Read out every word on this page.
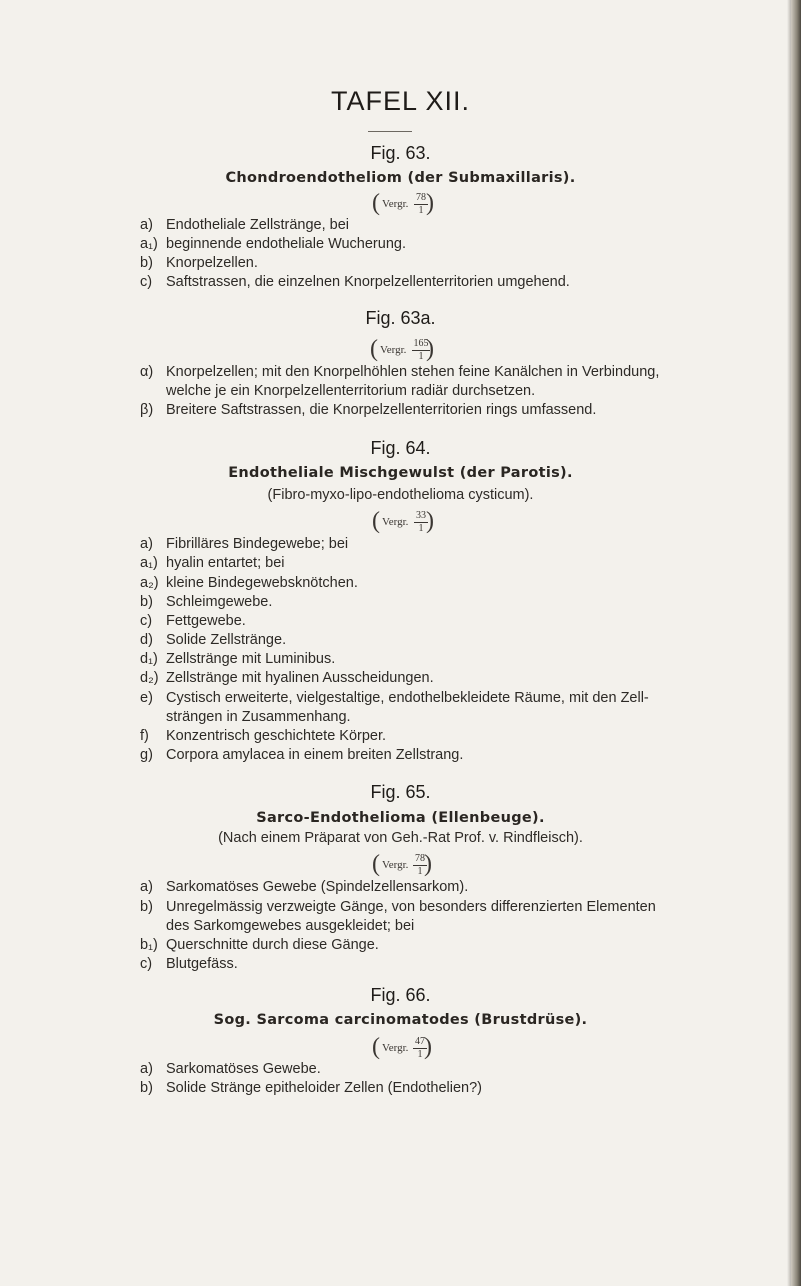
TAFEL XII.
Fig. 63.
Chondroendotheliom (der Submaxillaris).
( Vergr. $\frac{78}{1}$
)
a) Endotheliale Zellstränge, bei
a₁) beginnende endotheliale Wucherung.
b) Knorpelzellen.
c) Saftstrassen, die einzelnen Knorpelzellenterritorien umgehend.
Fig. 63a.
( Vergr. $\frac{165}{1}$
)
α) Knorpelzellen; mit den Knorpelhöhlen stehen feine Kanälchen in Verbindung,
welche je ein Knorpelzellenterritorium radiär durchsetzen.
β) Breitere Saftstrassen, die Knorpelzellenterritorien rings umfassend.
Fig. 64.
Endotheliale Mischgewulst (der Parotis).
(Fibro-myxo-lipo-endothelioma cysticum).
( Vergr. $\frac{33}{1}$
)
a) Fibrilläres Bindegewebe; bei
a₁) hyalin entartet; bei
a₂) kleine Bindegewebsknötchen.
b) Schleimgewebe.
c) Fettgewebe.
d) Solide Zellstränge.
d₁) Zellstränge mit Luminibus.
d₂) Zellstränge mit hyalinen Ausscheidungen.
e) Cystisch erweiterte, vielgestaltige, endothelbekleidete Räume, mit den Zell-
strängen in Zusammenhang.
f)	Konzentrisch geschichtete Körper.
g) Corpora amylacea in einem breiten Zellstrang.
Fig. 65.
Sarco-Endothelioma (Ellenbeuge).
(Nach einem Präparat von Geh.-Rat Prof. v. Rindfleisch).
( Vergr. $\frac{78}{1}$
)
a) Sarkomatöses Gewebe (Spindelzellensarkom).
b) Unregelmässig verzweigte Gänge, von besonders differenzierten Elementen
des Sarkomgewebes ausgekleidet; bei
b₁) Querschnitte durch diese Gänge.
c) Blutgefäss.
Fig. 66.
Sog. Sarcoma carcinomatodes (Brustdrüse).
( Vergr. $\frac{47}{1}$
)
a) Sarkomatöses Gewebe.
b) Solide Stränge epitheloider Zellen (Endothelien?)
